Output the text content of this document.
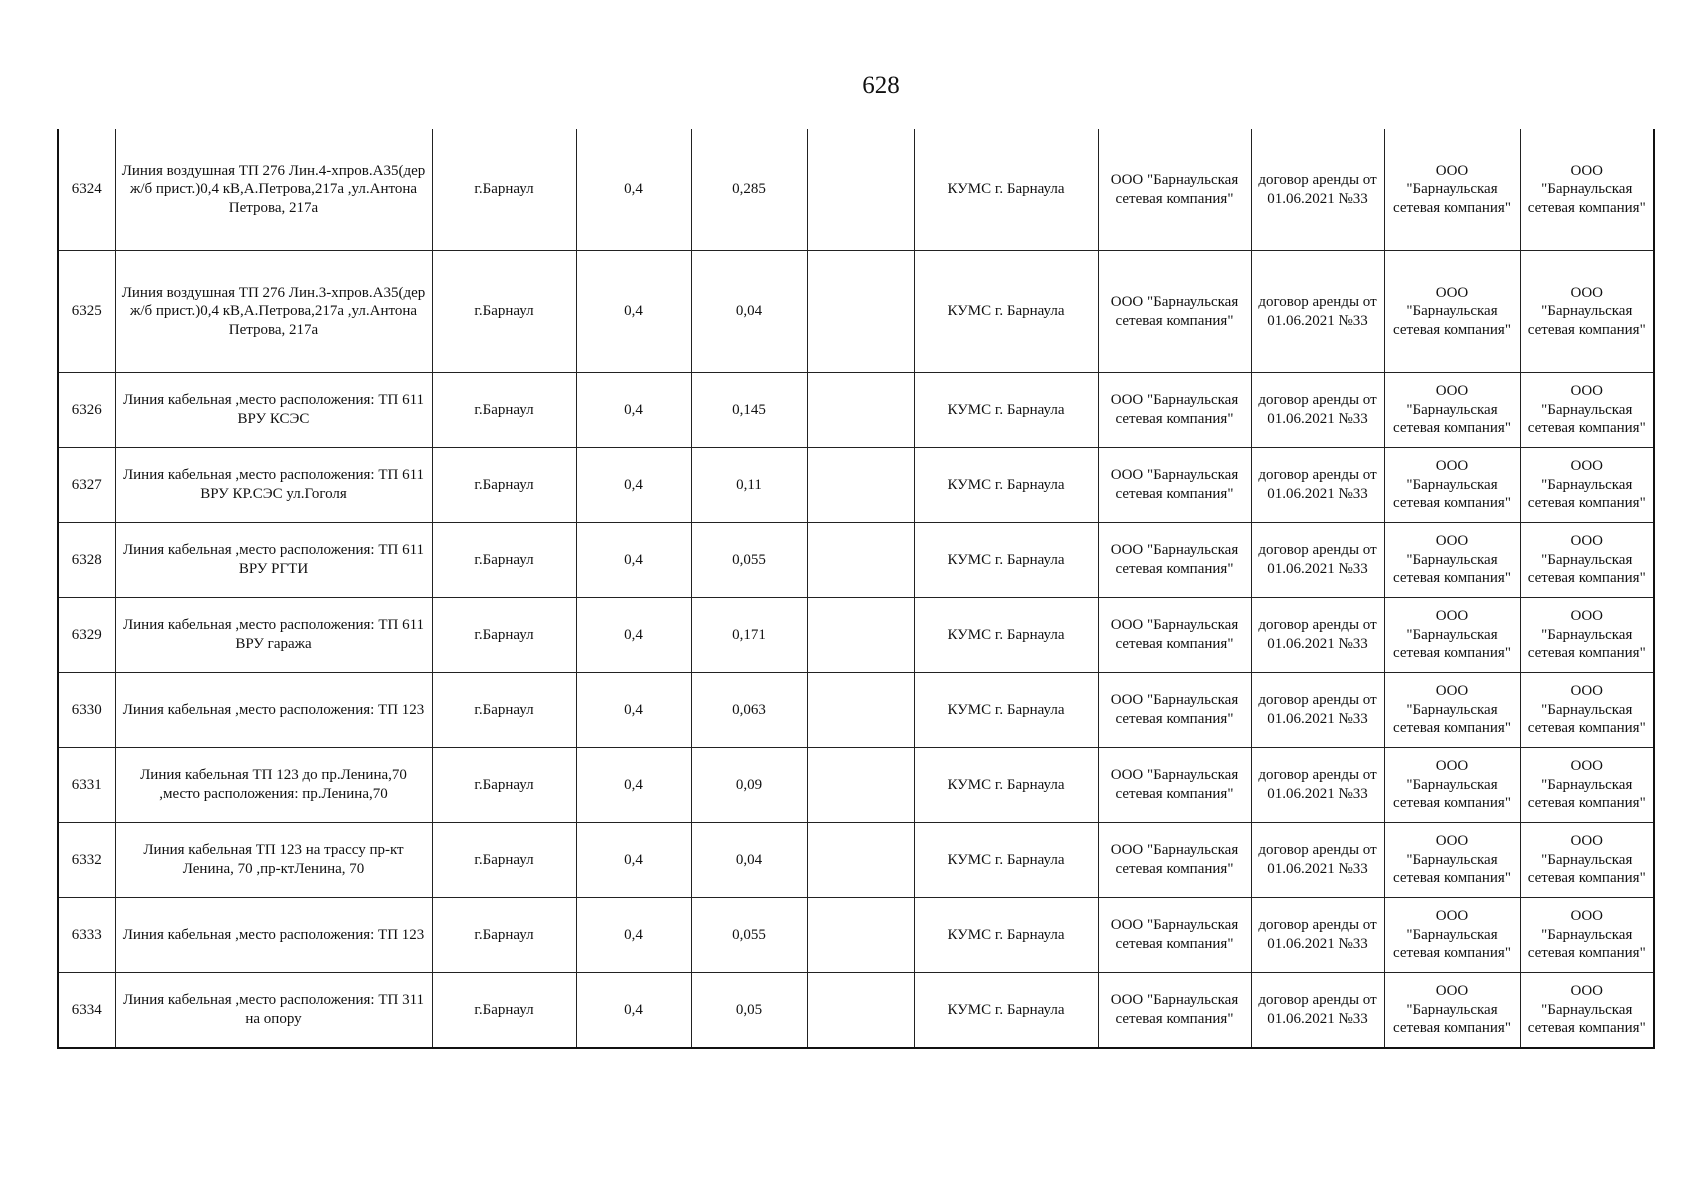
628
6324	Линия воздушная ТП 276 Лин.4-хпров.А35(дер ж/б прист.)0,4 кВ,А.Петрова,217а ,ул.Антона Петрова, 217а	г.Барнаул	0,4	0,285		КУМС г. Барнаула	ООО "Барнаульская сетевая компания"	договор аренды от 01.06.2021 №33	ООО "Барнаульская сетевая компания"	ООО "Барнаульская сетевая компания"
6325	Линия воздушная ТП 276 Лин.3-хпров.А35(дер ж/б прист.)0,4 кВ,А.Петрова,217а ,ул.Антона Петрова, 217а	г.Барнаул	0,4	0,04		КУМС г. Барнаула	ООО "Барнаульская сетевая компания"	договор аренды от 01.06.2021 №33	ООО "Барнаульская сетевая компания"	ООО "Барнаульская сетевая компания"
6326	Линия кабельная ,место расположения: ТП 611 ВРУ КСЭС	г.Барнаул	0,4	0,145		КУМС г. Барнаула	ООО "Барнаульская сетевая компания"	договор аренды от 01.06.2021 №33	ООО "Барнаульская сетевая компания"	ООО "Барнаульская сетевая компания"
6327	Линия кабельная ,место расположения: ТП 611 ВРУ КР.СЭС ул.Гоголя	г.Барнаул	0,4	0,11		КУМС г. Барнаула	ООО "Барнаульская сетевая компания"	договор аренды от 01.06.2021 №33	ООО "Барнаульская сетевая компания"	ООО "Барнаульская сетевая компания"
6328	Линия кабельная ,место расположения: ТП 611 ВРУ РГТИ	г.Барнаул	0,4	0,055		КУМС г. Барнаула	ООО "Барнаульская сетевая компания"	договор аренды от 01.06.2021 №33	ООО "Барнаульская сетевая компания"	ООО "Барнаульская сетевая компания"
6329	Линия кабельная ,место расположения: ТП 611 ВРУ гаража	г.Барнаул	0,4	0,171		КУМС г. Барнаула	ООО "Барнаульская сетевая компания"	договор аренды от 01.06.2021 №33	ООО "Барнаульская сетевая компания"	ООО "Барнаульская сетевая компания"
6330	Линия кабельная ,место расположения: ТП 123	г.Барнаул	0,4	0,063		КУМС г. Барнаула	ООО "Барнаульская сетевая компания"	договор аренды от 01.06.2021 №33	ООО "Барнаульская сетевая компания"	ООО "Барнаульская сетевая компания"
6331	Линия кабельная ТП 123 до пр.Ленина,70 ,место расположения: пр.Ленина,70	г.Барнаул	0,4	0,09		КУМС г. Барнаула	ООО "Барнаульская сетевая компания"	договор аренды от 01.06.2021 №33	ООО "Барнаульская сетевая компания"	ООО "Барнаульская сетевая компания"
6332	Линия кабельная ТП 123 на трассу пр-кт Ленина, 70 ,пр-ктЛенина, 70	г.Барнаул	0,4	0,04		КУМС г. Барнаула	ООО "Барнаульская сетевая компания"	договор аренды от 01.06.2021 №33	ООО "Барнаульская сетевая компания"	ООО "Барнаульская сетевая компания"
6333	Линия кабельная ,место расположения: ТП 123	г.Барнаул	0,4	0,055		КУМС г. Барнаула	ООО "Барнаульская сетевая компания"	договор аренды от 01.06.2021 №33	ООО "Барнаульская сетевая компания"	ООО "Барнаульская сетевая компания"
6334	Линия кабельная ,место расположения: ТП 311 на опору	г.Барнаул	0,4	0,05		КУМС г. Барнаула	ООО "Барнаульская сетевая компания"	договор аренды от 01.06.2021 №33	ООО "Барнаульская сетевая компания"	ООО "Барнаульская сетевая компания"
